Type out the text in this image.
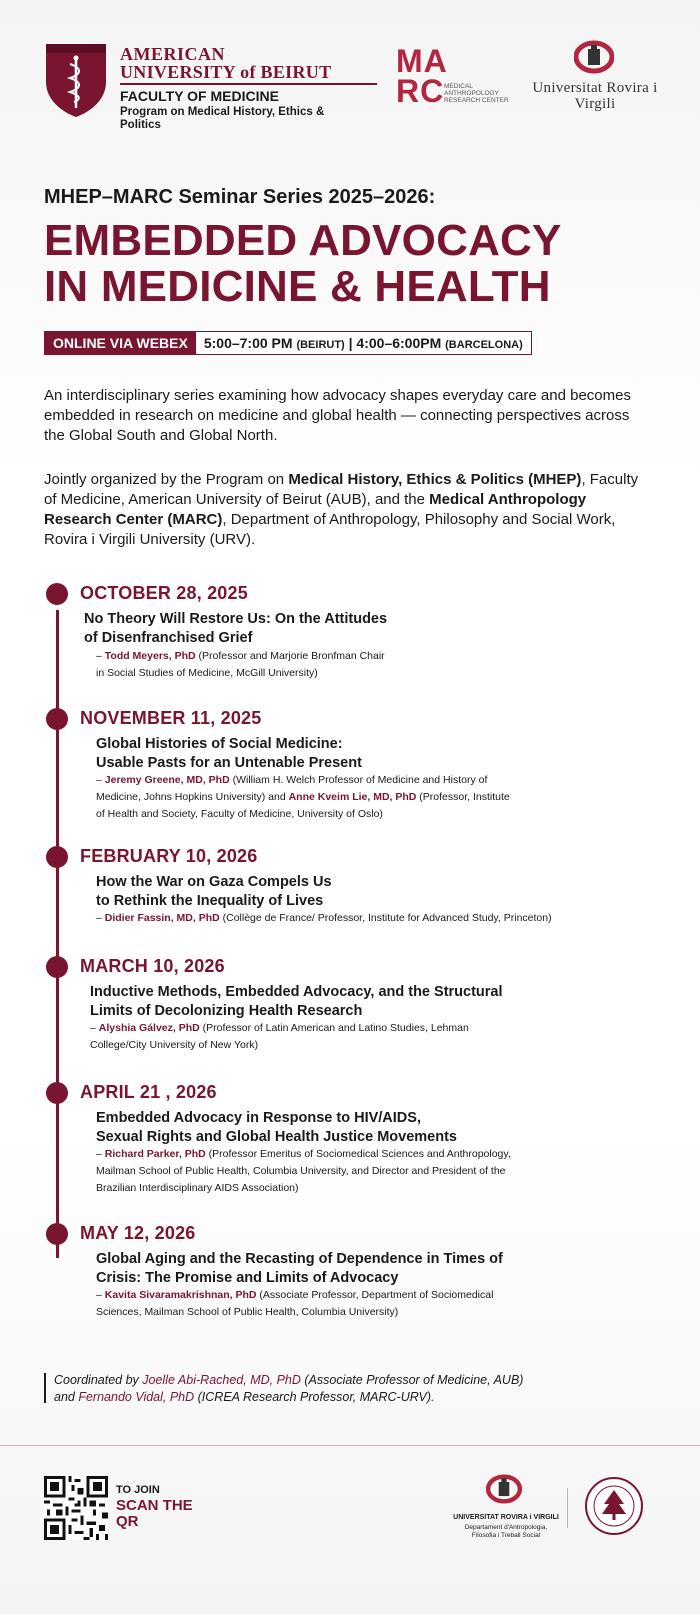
AMERICAN
UNIVERSITY of BEIRUT
FACULTY OF MEDICINE
Program on Medical History, Ethics & Politics
MA
RC MEDICAL ANTHROPOLOGY RESEARCH CENTER
Universitat Rovira i Virgili
MHEP–MARC Seminar Series 2025–2026:
EMBEDDED ADVOCACY
IN MEDICINE & HEALTH
ONLINE VIA WEBEX	5:00–7:00 PM (BEIRUT) | 4:00–6:00PM (BARCELONA)

An interdisciplinary series examining how advocacy shapes everyday care and becomes embedded in research on medicine and global health — connecting perspectives across the Global South and Global North.

Jointly organized by the Program on Medical History, Ethics & Politics (MHEP), Faculty of Medicine, American University of Beirut (AUB), and the Medical Anthropology Research Center (MARC), Department of Anthropology, Philosophy and Social Work, Rovira i Virgili University (URV).

OCTOBER 28, 2025
No Theory Will Restore Us: On the Attitudes
of Disenfranchised Grief
– Todd Meyers, PhD (Professor and Marjorie Bronfman Chair
in Social Studies of Medicine, McGill University)
NOVEMBER 11, 2025
Global Histories of Social Medicine:
Usable Pasts for an Untenable Present
– Jeremy Greene, MD, PhD (William H. Welch Professor of Medicine and History of
Medicine, Johns Hopkins University) and Anne Kveim Lie, MD, PhD (Professor, Institute
of Health and Society, Faculty of Medicine, University of Oslo)
FEBRUARY 10, 2026
How the War on Gaza Compels Us
to Rethink the Inequality of Lives
– Didier Fassin, MD, PhD (Collège de France/ Professor, Institute for Advanced Study, Princeton)
MARCH 10, 2026
Inductive Methods, Embedded Advocacy, and the Structural
Limits of Decolonizing Health Research
– Alyshia Gálvez, PhD (Professor of Latin American and Latino Studies, Lehman
College/City University of New York)
APRIL 21 , 2026
Embedded Advocacy in Response to HIV/AIDS,
Sexual Rights and Global Health Justice Movements
– Richard Parker, PhD (Professor Emeritus of Sociomedical Sciences and Anthropology,
Mailman School of Public Health, Columbia University, and Director and President of the
Brazilian Interdisciplinary AIDS Association)
MAY 12, 2026
Global Aging and the Recasting of Dependence in Times of
Crisis: The Promise and Limits of Advocacy
– Kavita Sivaramakrishnan, PhD (Associate Professor, Department of Sociomedical
Sciences, Mailman School of Public Health, Columbia University)
Coordinated by Joelle Abi-Rached, MD, PhD (Associate Professor of Medicine, AUB)
and Fernando Vidal, PhD (ICREA Research Professor, MARC-URV).
TO JOIN
SCAN THE QR	UNIVERSITAT ROVIRA i VIRGILI
Departament d'Antropologia,
Filosofia i Treball Social
